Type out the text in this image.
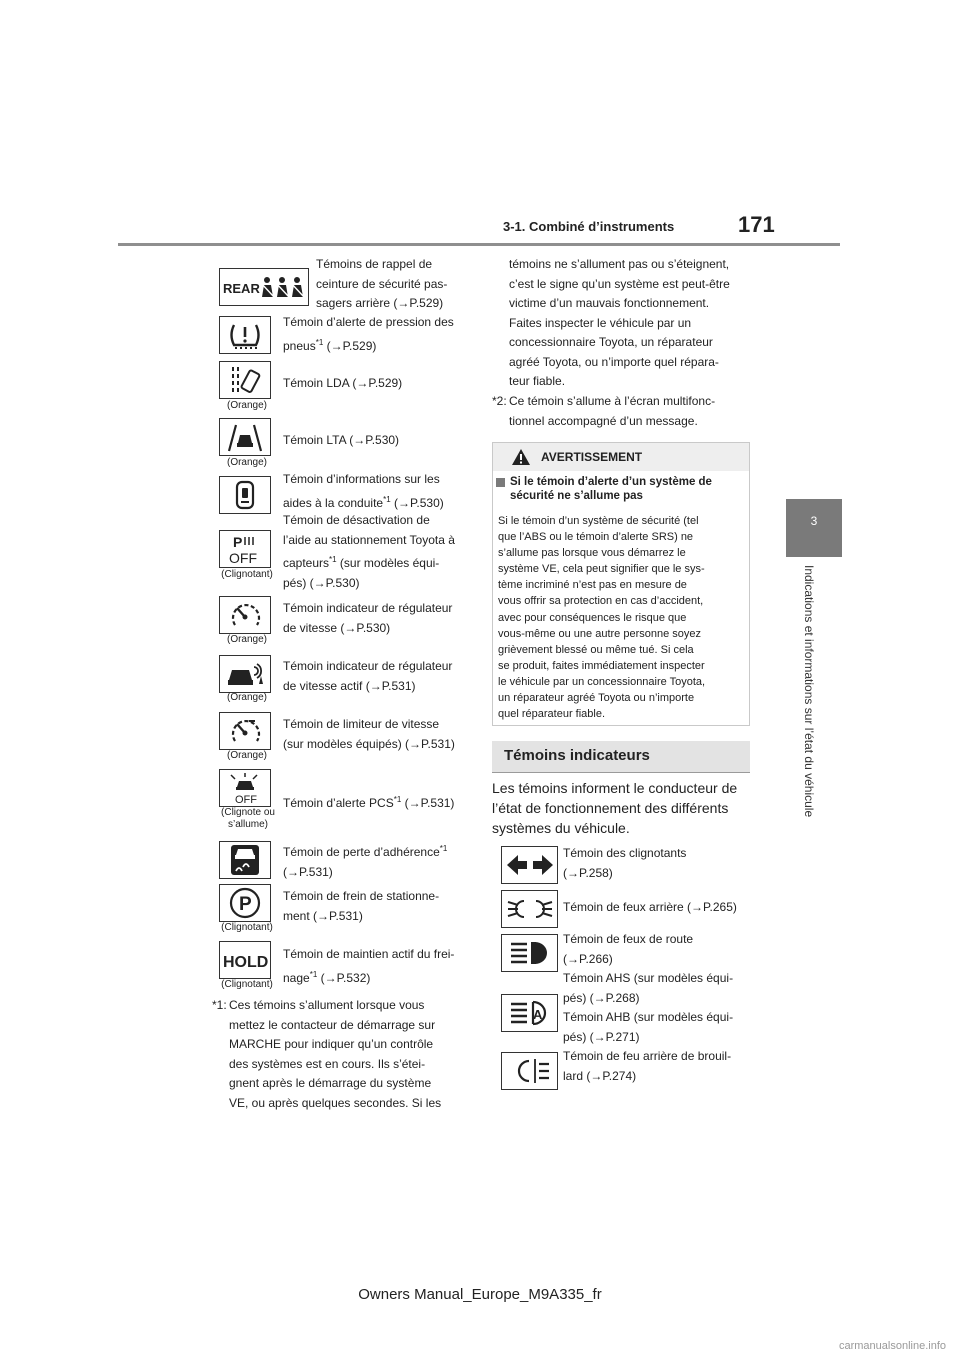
171
3-1. Combiné d’instruments
3
Indications et informations sur l’état du véhicule
REAR
Témoins de rappel de
ceinture de sécurité pas-
sagers arrière (→P.529)
Témoin d’alerte de pression des
pneus$^{*1}$ (→P.529)
(Orange)
Témoin LDA (→P.529)
(Orange)
Témoin LTA (→P.530)
Témoin d’informations sur les
aides à la conduite$^{*1}$ (→P.530)
P
OFF
(Clignotant)
Témoin de désactivation de
l’aide au stationnement Toyota à
capteurs$^{*1}$ (sur modèles équi-
pés) (→P.530)
(Orange)
Témoin indicateur de régulateur
de vitesse (→P.530)
(Orange)
Témoin indicateur de régulateur
de vitesse actif (→P.531)
(Orange)
Témoin de limiteur de vitesse
(sur modèles équipés) (→P.531)
OFF
(Clignote ou s’allume)
Témoin d’alerte PCS$^{*1}$ (→P.531)
Témoin de perte d’adhérence$^{*1}$
(→P.531)
P
(Clignotant)
Témoin de frein de stationne-
ment (→P.531)
HOLD
(Clignotant)
Témoin de maintien actif du frei-
nage$^{*1}$ (→P.532)
*1: Ces témoins s’allument lorsque vous
mettez le contacteur de démarrage sur
MARCHE pour indiquer qu’un contrôle
des systèmes est en cours. Ils s’étei-
gnent après le démarrage du système
VE, ou après quelques secondes. Si les
témoins ne s’allument pas ou s’éteignent,
c’est le signe qu’un système est peut-être
victime d’un mauvais fonctionnement.
Faites inspecter le véhicule par un
concessionnaire Toyota, un réparateur
agréé Toyota, ou n’importe quel répara-
teur fiable.
*2: Ce témoin s’allume à l’écran multifonc-
tionnel accompagné d’un message.
AVERTISSEMENT
Si le témoin d’alerte d’un système de sécurité ne s’allume pas
Si le témoin d’un système de sécurité (tel
que l’ABS ou le témoin d’alerte SRS) ne
s’allume pas lorsque vous démarrez le
système VE, cela peut signifier que le sys-
tème incriminé n’est pas en mesure de
vous offrir sa protection en cas d’accident,
avec pour conséquences le risque que
vous-même ou une autre personne soyez
grièvement blessé ou même tué. Si cela
se produit, faites immédiatement inspecter
le véhicule par un concessionnaire Toyota,
un réparateur agréé Toyota ou n’importe
quel réparateur fiable.
Témoins indicateurs
Les témoins informent le conducteur de
l’état de fonctionnement des différents
systèmes du véhicule.
Témoin des clignotants
(→P.258)
Témoin de feux arrière (→P.265)
Témoin de feux de route
(→P.266)
A
Témoin AHS (sur modèles équi-
pés) (→P.268)
Témoin AHB (sur modèles équi-
pés) (→P.271)
Témoin de feu arrière de brouil-
lard (→P.274)
Owners Manual_Europe_M9A335_fr
carmanualsonline.info
